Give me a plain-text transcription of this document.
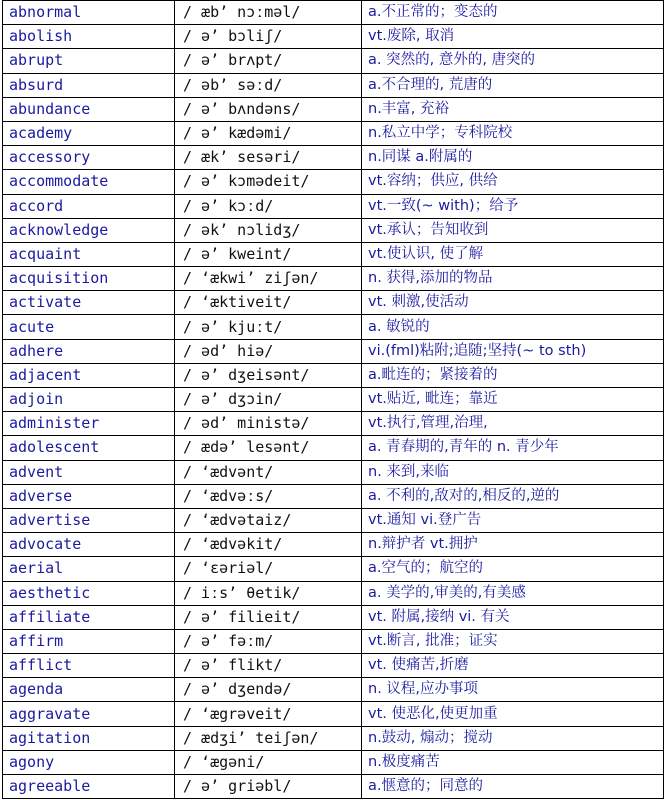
abnormal	/ æb’ nɔːməl/	a.不正常的；变态的
abolish	/ ə’ bɔliʃ/	vt.废除, 取消
abrupt	/ ə’ brʌpt/	a. 突然的, 意外的, 唐突的
absurd	/ əb’ səːd/	a.不合理的, 荒唐的
abundance	/ ə’ bʌndəns/	n.丰富, 充裕
academy	/ ə’ kædəmi/	n.私立中学；专科院校
accessory	/ æk’ sesəri/	n.同谋 a.附属的
accommodate	/ ə’ kɔmədeit/	vt.容纳；供应, 供给
accord	/ ə’ kɔːd/	vt.一致(~ with)；给予
acknowledge	/ ək’ nɔlidʒ/	vt.承认；告知收到
acquaint	/ ə’ kweint/	vt.使认识, 使了解
acquisition	/ ‘ækwi’ ziʃən/	n. 获得,添加的物品
activate	/ ‘æktiveit/	vt. 刺激,使活动
acute	/ ə’ kjuːt/	a. 敏锐的
adhere	/ əd’ hiə/	vi.(fml)粘附;追随;坚持(~ to sth)
adjacent	/ ə’ dʒeisənt/	a.毗连的；紧接着的
adjoin	/ ə’ dʒɔin/	vt.贴近, 毗连；靠近
administer	/ əd’ ministə/	vt.执行,管理,治理,
adolescent	/ ædə’ lesənt/	a. 青春期的,青年的 n. 青少年
advent	/ ‘ædvənt/	n. 来到,来临
adverse	/ ‘ædvəːs/	a. 不利的,敌对的,相反的,逆的
advertise	/ ‘ædvətaiz/	vt.通知 vi.登广告
advocate	/ ‘ædvəkit/	n.辩护者 vt.拥护
aerial	/ ‘ɛəriəl/	a.空气的；航空的
aesthetic	/ iːs’ θetik/	a. 美学的,审美的,有美感
affiliate	/ ə’ filieit/	vt. 附属,接纳 vi. 有关
affirm	/ ə’ fəːm/	vt.断言, 批准；证实
afflict	/ ə’ flikt/	vt. 使痛苦,折磨
agenda	/ ə’ dʒendə/	n. 议程,应办事项
aggravate	/ ‘ægrəveit/	vt. 使恶化,使更加重
agitation	/ ædʒi’ teiʃən/	n.鼓动, 煽动；搅动
agony	/ ‘ægəni/	n.极度痛苦
agreeable	/ ə’ griəbl/	a.惬意的；同意的
